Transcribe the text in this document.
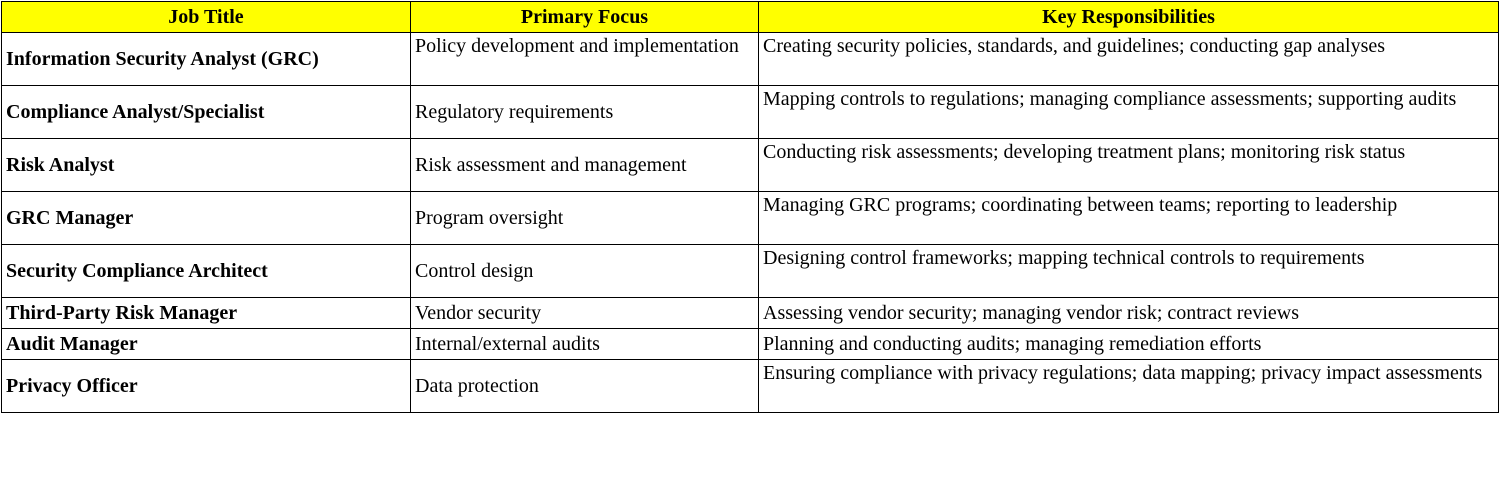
Job Title	Primary Focus	Key Responsibilities
Information Security Analyst (GRC)	Policy development and implementation	Creating security policies, standards, and guidelines; conducting gap analyses
Compliance Analyst/Specialist	Regulatory requirements	Mapping controls to regulations; managing compliance assessments; supporting audits
Risk Analyst	Risk assessment and management	Conducting risk assessments; developing treatment plans; monitoring risk status
GRC Manager	Program oversight	Managing GRC programs; coordinating between teams; reporting to leadership
Security Compliance Architect	Control design	Designing control frameworks; mapping technical controls to requirements
Third-Party Risk Manager	Vendor security	Assessing vendor security; managing vendor risk; contract reviews
Audit Manager	Internal/external audits	Planning and conducting audits; managing remediation efforts
Privacy Officer	Data protection	Ensuring compliance with privacy regulations; data mapping; privacy impact assessments
